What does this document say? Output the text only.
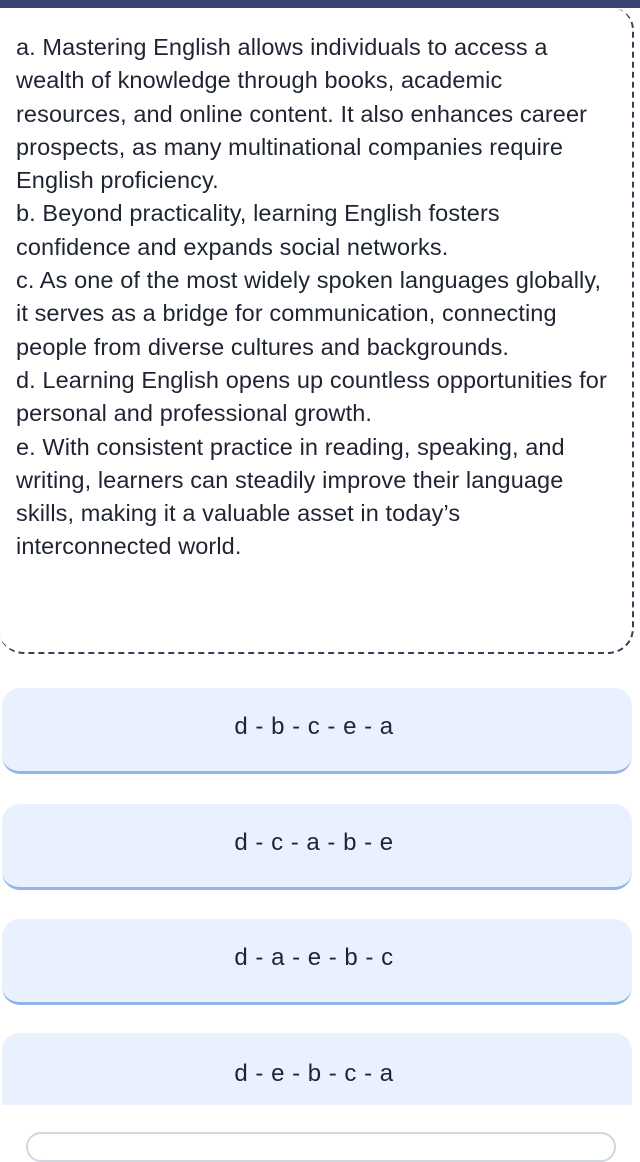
a. Mastering English allows individuals to access a wealth of knowledge through books, academic resources, and online content. It also enhances career prospects, as many multinational companies require English proficiency.
b. Beyond practicality, learning English fosters confidence and expands social networks.
c. As one of the most widely spoken languages globally, it serves as a bridge for communication, connecting people from diverse cultures and backgrounds.
d. Learning English opens up countless opportunities for personal and professional growth.
e. With consistent practice in reading, speaking, and writing, learners can steadily improve their language skills, making it a valuable asset in today’s interconnected world.
d - b - c - e - a
d - c - a - b - e
d - a - e - b - c
d - e - b - c - a
